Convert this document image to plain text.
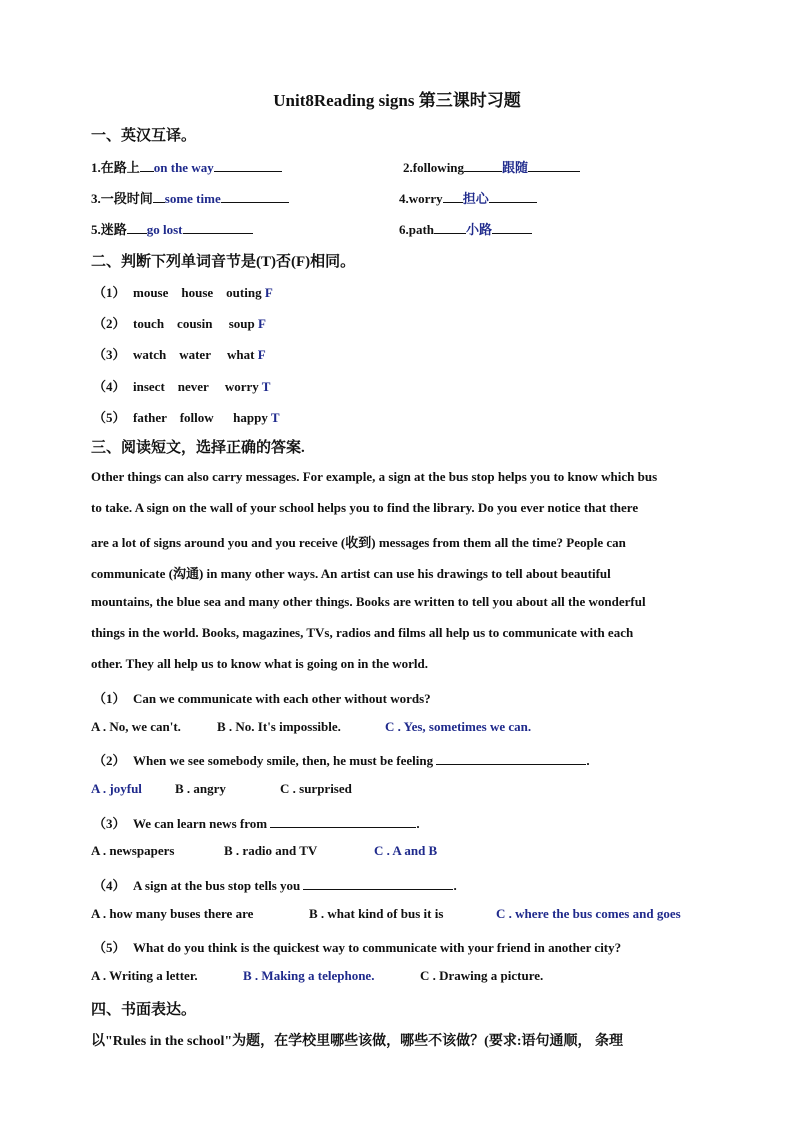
Unit8Reading signs 第三课时习题
一、英汉互译。
1.在路上 on the way	2.following	跟随
3.一段时间 some time	4.worry 担心
5.迷路 go lost	6.path 小路
二、判断下列单词音节是(T)否(F)相同。
（1） mouse    house    outing F
（2） touch    cousin     soup F
（3） watch    water     what F
（4） insect    never     worry T
（5） father    follow      happy T
三、阅读短文，选择正确的答案.
Other things can also carry messages. For example, a sign at the bus stop helps you to know which bus
to take. A sign on the wall of your school helps you to find the library. Do you ever notice that there
are a lot of signs around you and you receive (收到) messages from them all the time? People can
communicate (沟通) in many other ways. An artist can use his drawings to tell about beautiful
mountains, the blue sea and many other things. Books are written to tell you about all the wonderful
things in the world. Books, magazines, TVs, radios and films all help us to communicate with each
other. They all help us to know what is going on in the world.
（1） Can we communicate with each other without words?
A . No, we can't.	B . No. It's impossible.	C . Yes, sometimes we can.
（2） When we see somebody smile, then, he must be feeling	.
A . joyful	B . angry	C . surprised
（3） We can learn news from	.
A . newspapers	B . radio and TV	C . A and B
（4） A sign at the bus stop tells you	.
A . how many buses there are	B . what kind of bus it is	C . where the bus comes and goes
（5） What do you think is the quickest way to communicate with your friend in another city?
A . Writing a letter.	B . Making a telephone.	C . Drawing a picture.
四、书面表达。
以"Rules in the school"为题，在学校里哪些该做，哪些不该做？(要求:语句通顺， 条理
